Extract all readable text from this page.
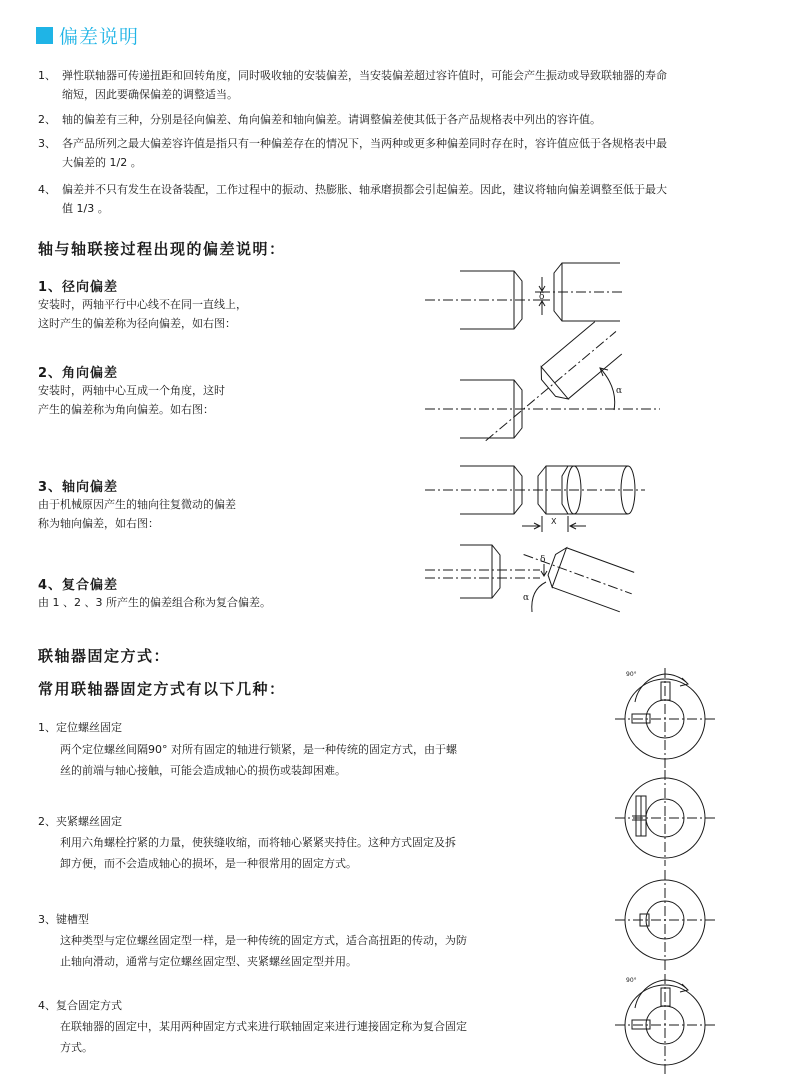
偏差说明
1、 弹性联轴器可传递扭距和回转角度，同时吸收轴的安装偏差，当安装偏差超过容许值时，可能会产生振动或导致联轴器的寿命
缩短，因此要确保偏差的调整适当。
2、 轴的偏差有三种，分别是径向偏差、角向偏差和轴向偏差。请调整偏差使其低于各产品规格表中列出的容许值。
3、 各产品所列之最大偏差容许值是指只有一种偏差存在的情况下，当两种或更多种偏差同时存在时，容许值应低于各规格表中最
大偏差的 1/2 。
4、 偏差并不只有发生在设备装配，工作过程中的振动、热膨胀、轴承磨损都会引起偏差。因此，建议将轴向偏差调整至低于最大
值 1/3 。
轴与轴联接过程出现的偏差说明：
1、径向偏差
安装时，两轴平行中心线不在同一直线上，
这时产生的偏差称为径向偏差，如右图：
2、角向偏差
安装时，两轴中心互成一个角度，这时
产生的偏差称为角向偏差。如右图：
3、轴向偏差
由于机械原因产生的轴向往复微动的偏差
称为轴向偏差，如右图：
4、复合偏差
由 1 、2 、3 所产生的偏差组合称为复合偏差。
δ
α
X
δ
α
联轴器固定方式：
常用联轴器固定方式有以下几种：
1、定位螺丝固定
两个定位螺丝间隔90° 对所有固定的轴进行锁紧，是一种传统的固定方式，由于螺
丝的前端与轴心接触，可能会造成轴心的损伤或装卸困难。
2、夹紧螺丝固定
利用六角螺栓拧紧的力量，使狭缝收缩，而将轴心紧紧夹持住。这种方式固定及拆
卸方便，而不会造成轴心的损坏，是一种很常用的固定方式。
3、键槽型
这种类型与定位螺丝固定型一样，是一种传统的固定方式，适合高扭距的传动，为防
止轴向滑动，通常与定位螺丝固定型、夹紧螺丝固定型并用。
4、复合固定方式
在联轴器的固定中，某用两种固定方式来进行联轴固定来进行連接固定称为复合固定
方式。
90°
90°
